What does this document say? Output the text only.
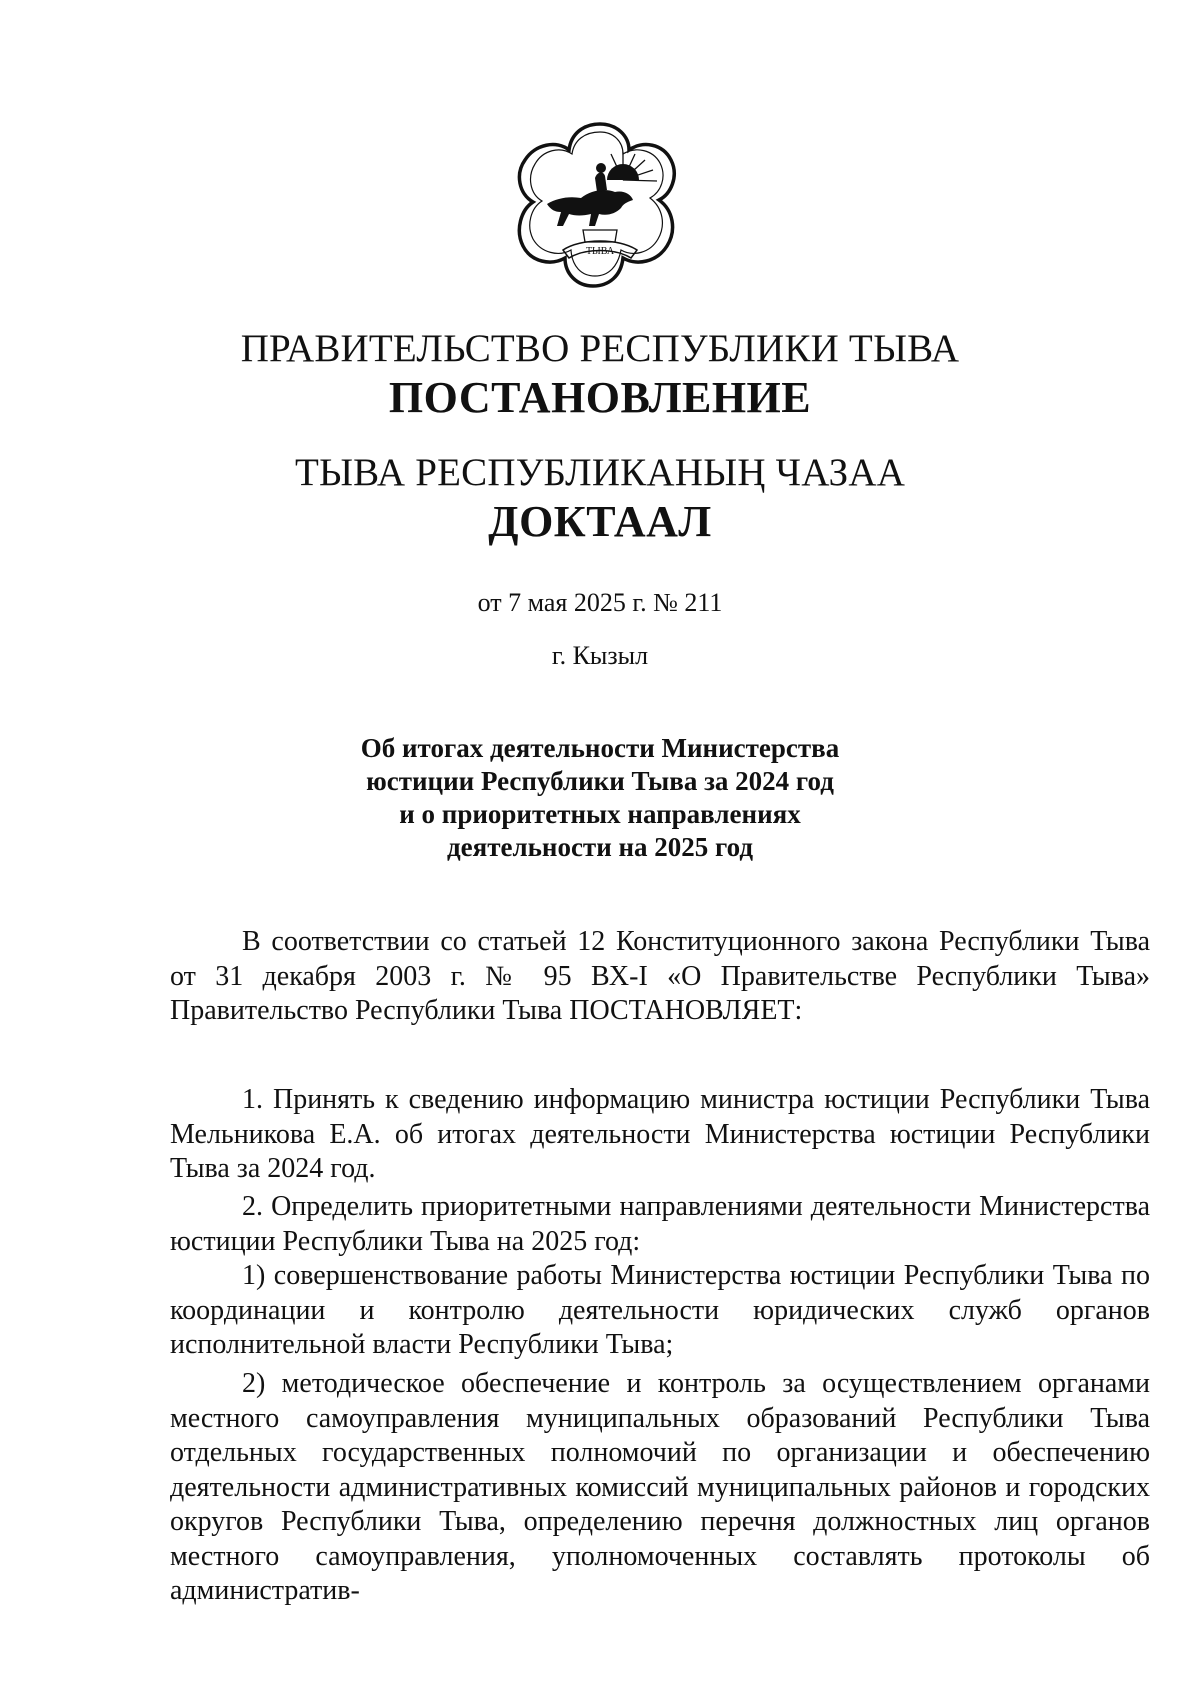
ТЫВА
ПРАВИТЕЛЬСТВО РЕСПУБЛИКИ ТЫВА
ПОСТАНОВЛЕНИЕ
ТЫВА РЕСПУБЛИКАНЫҢ ЧАЗАА
ДОКТААЛ
от 7 мая 2025 г. № 211
г. Кызыл
Об итогах деятельности Министерства
юстиции Республики Тыва за 2024 год
и о приоритетных направлениях
деятельности на 2025 год

В соответствии со статьей 12 Конституционного закона Республики Тыва от 31 декабря 2003 г. № 95 ВХ-I «О Правительстве Республики Тыва» Правительство Республики Тыва ПОСТАНОВЛЯЕТ:

1. Принять к сведению информацию министра юстиции Республики Тыва Мельникова Е.А. об итогах деятельности Министерства юстиции Республики Тыва за 2024 год.

2. Определить приоритетными направлениями деятельности Министерства юстиции Республики Тыва на 2025 год:

1) совершенствование работы Министерства юстиции Республики Тыва по координации и контролю деятельности юридических служб органов исполнительной власти Республики Тыва;

2) методическое обеспечение и контроль за осуществлением органами местного самоуправления муниципальных образований Республики Тыва отдельных государственных полномочий по организации и обеспечению деятельности административных комиссий муниципальных районов и городских округов Республики Тыва, определению перечня должностных лиц органов местного самоуправления, уполномоченных составлять протоколы об административ-
